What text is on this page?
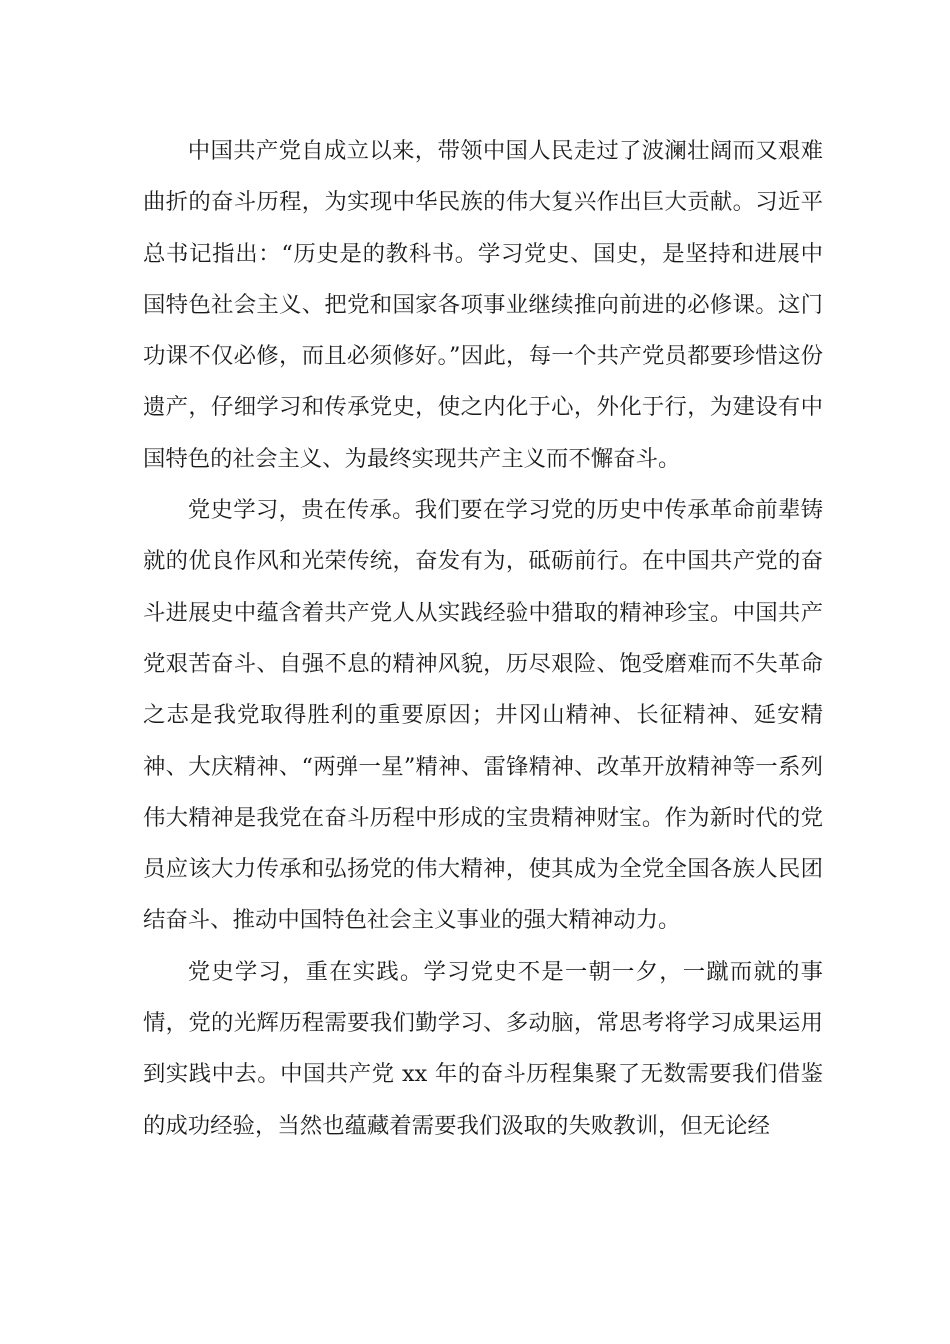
中国共产党自成立以来，带领中国人民走过了波澜壮阔而又艰难曲折的奋斗历程，为实现中华民族的伟大复兴作出巨大贡献。习近平总书记指出：“历史是的教科书。学习党史、国史，是坚持和进展中国特色社会主义、把党和国家各项事业继续推向前进的必修课。这门功课不仅必修，而且必须修好。”因此，每一个共产党员都要珍惜这份遗产，仔细学习和传承党史，使之内化于心，外化于行，为建设有中国特色的社会主义、为最终实现共产主义而不懈奋斗。

党史学习，贵在传承。我们要在学习党的历史中传承革命前辈铸就的优良作风和光荣传统，奋发有为，砥砺前行。在中国共产党的奋斗进展史中蕴含着共产党人从实践经验中猎取的精神珍宝。中国共产党艰苦奋斗、自强不息的精神风貌，历尽艰险、饱受磨难而不失革命之志是我党取得胜利的重要原因；井冈山精神、长征精神、延安精神、大庆精神、“两弹一星”精神、雷锋精神、改革开放精神等一系列伟大精神是我党在奋斗历程中形成的宝贵精神财宝。作为新时代的党员应该大力传承和弘扬党的伟大精神，使其成为全党全国各族人民团结奋斗、推动中国特色社会主义事业的强大精神动力。

党史学习，重在实践。学习党史不是一朝一夕，一蹴而就的事情，党的光辉历程需要我们勤学习、多动脑，常思考将学习成果运用到实践中去。中国共产党 xx 年的奋斗历程集聚了无数需要我们借鉴的成功经验，当然也蕴藏着需要我们汲取的失败教训，但无论经
